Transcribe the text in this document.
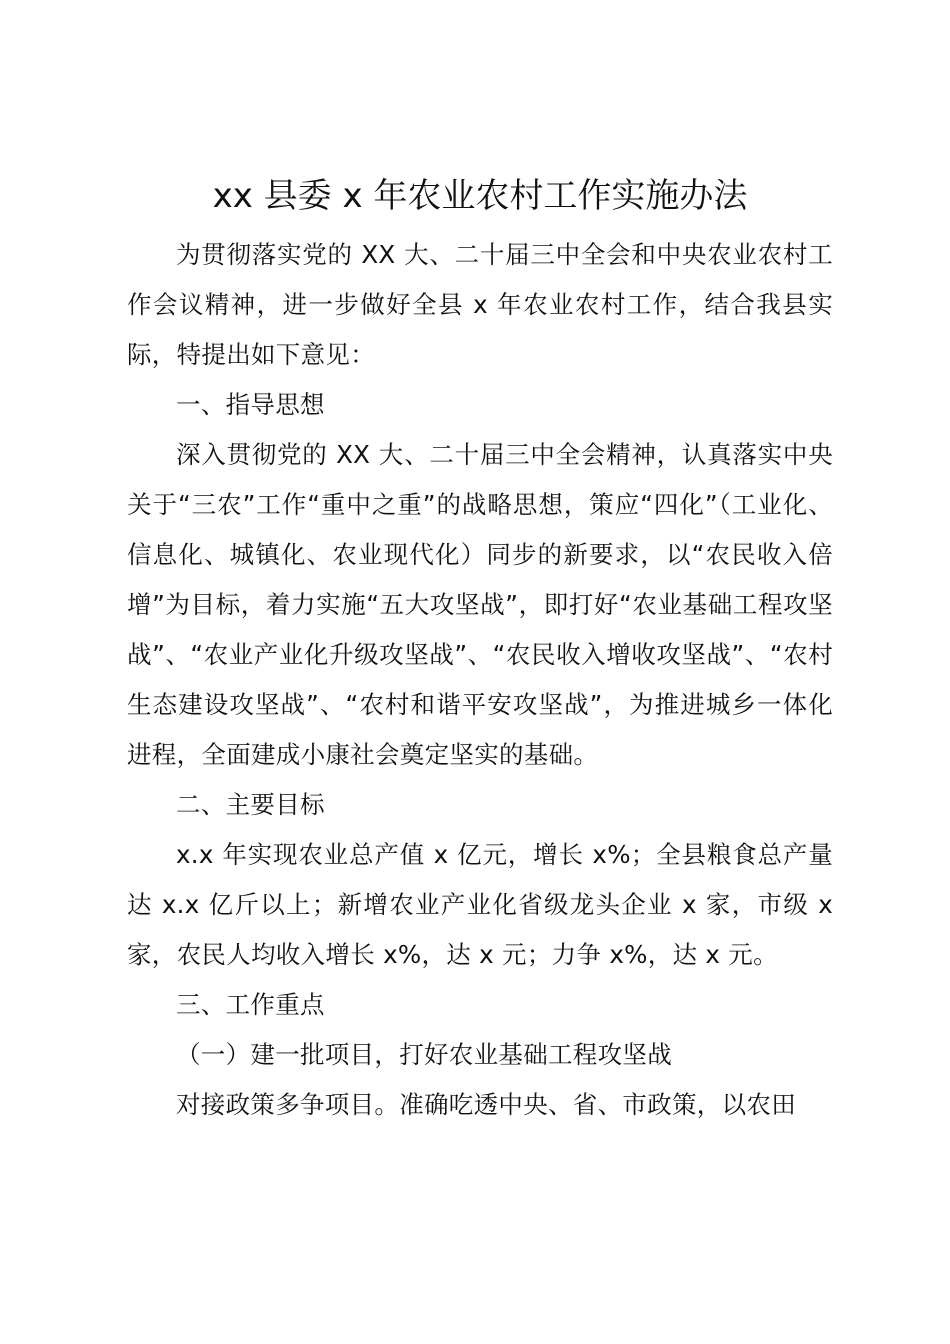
xx 县委 x 年农业农村工作实施办法

为贯彻落实党的 XX 大、二十届三中全会和中央农业农村工作会议精神，进一步做好全县 x 年农业农村工作，结合我县实际，特提出如下意见：

一、指导思想

深入贯彻党的 XX 大、二十届三中全会精神，认真落实中央关于“三农”工作“重中之重”的战略思想，策应“四化”（工业化、信息化、城镇化、农业现代化）同步的新要求，以“农民收入倍增”为目标，着力实施“五大攻坚战”，即打好“农业基础工程攻坚战”、“农业产业化升级攻坚战”、“农民收入增收攻坚战”、“农村生态建设攻坚战”、“农村和谐平安攻坚战”，为推进城乡一体化进程，全面建成小康社会奠定坚实的基础。

二、主要目标

x.x 年实现农业总产值 x 亿元，增长 x%；全县粮食总产量达 x.x 亿斤以上；新增农业产业化省级龙头企业 x 家，市级 x 家，农民人均收入增长 x%，达 x 元；力争 x%，达 x 元。

三、工作重点

（一）建一批项目，打好农业基础工程攻坚战

对接政策多争项目。准确吃透中央、省、市政策，以农田
